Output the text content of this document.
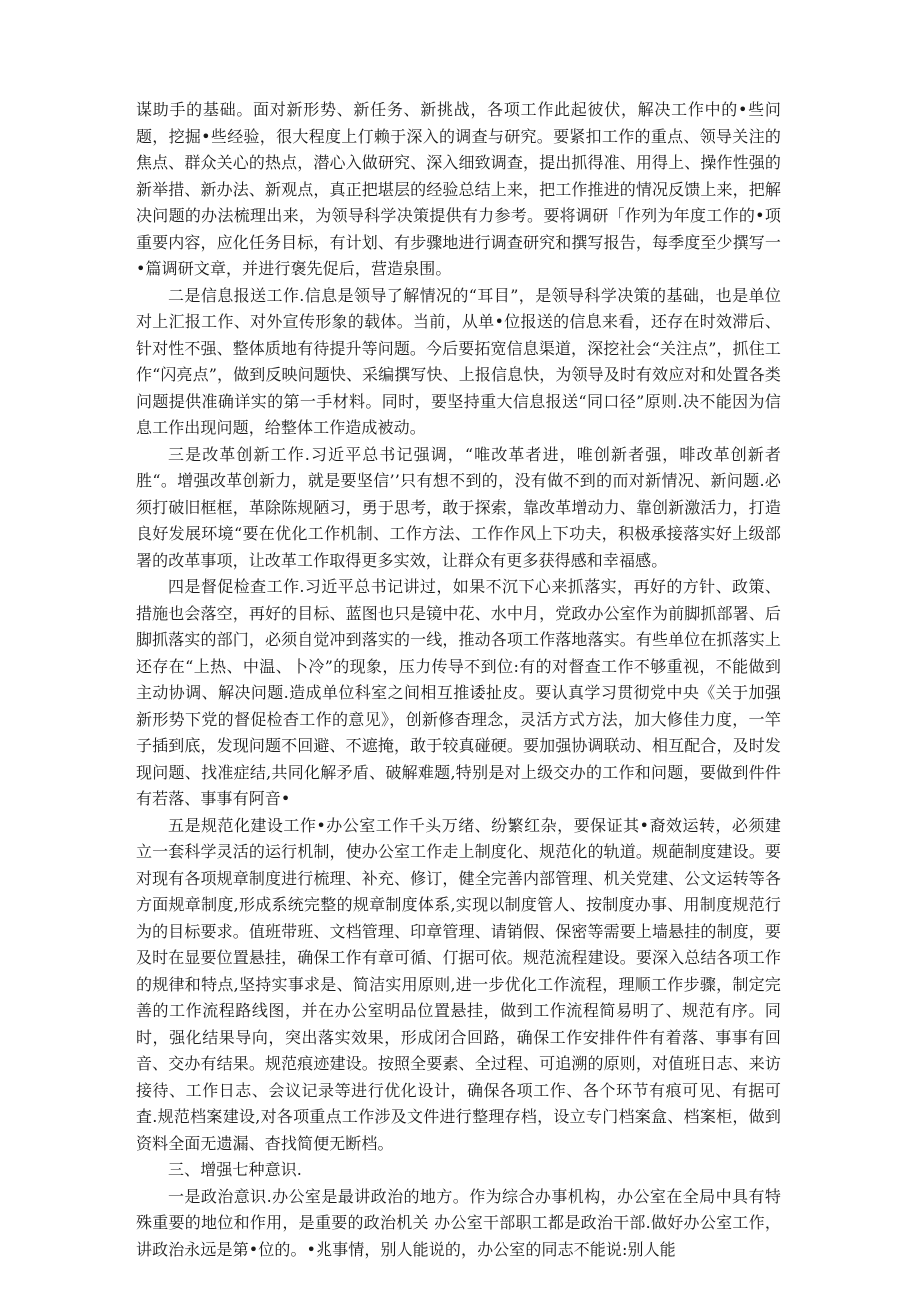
谋助手的基础。面对新形势、新任务、新挑战，各项工作此起彼伏，解决工作中的•些问题，挖掘•些经验，很大程度上仃赖于深入的调查与研究。要紧扣工作的重点、领导关注的焦点、群众关心的热点，潜心入做研究、深入细致调查，提出抓得准、用得上、操作性强的新举措、新办法、新观点，真正把堪层的经验总结上来，把工作推进的情况反馈上来，把解决问题的办法梳理出来，为领导科学决策提供有力参考。要将调研「作列为年度工作的•项重要内容，应化任务目标，有计划、有步骤地进行调查研究和撰写报告，每季度至少撰写一•篇调研文章，并进行褒先促后，营造泉围。

二是信息报送工作.信息是领导了解情况的“耳目”，是领导科学决策的基础，也是单位对上汇报工作、对外宣传形象的载体。当前，从单•位报送的信息来看，还存在时效滞后、针对性不强、整体质地有待提升等问题。今后要拓宽信息渠道，深挖社会“关注点”，抓住工作“闪亮点”，做到反映问题快、采编撰写快、上报信息快，为领导及时有效应对和处置各类问题提供准确详实的第一手材料。同时，要坚持重大信息报送“同口径”原则.决不能因为信息工作出现问题，给整体工作造成被动。

三是改革创新工作.习近平总书记强调，“唯改革者进，唯创新者强，啡改革创新者胜“。增强改革创新力，就是要坚信’’只有想不到的，没有做不到的而对新情况、新问题.必须打破旧框框，革除陈规陋习，勇于思考，敢于探索，靠改革增动力、靠创新激活力，打造良好发展环境“要在优化工作机制、工作方法、工作作风上下功夫，积极承接落实好上级部署的改革事项，让改革工作取得更多实效，让群众有更多获得感和幸福感。

四是督促检查工作.习近平总书记讲过，如果不沉下心来抓落实，再好的方针、政策、措施也会落空，再好的目标、蓝图也只是镜中花、水中月，党政办公室作为前脚抓部署、后脚抓落实的部门，必须自觉冲到落实的一线，推动各项工作落地落实。有些单位在抓落实上还存在“上热、中温、卜冷”的现象，压力传导不到位:有的对督查工作不够重视，不能做到主动协调、解决问题.造成单位科室之间相互推诿扯皮。要认真学习贯彻党中央《关于加强新形势下党的督促检杳工作的意见》，创新修杳理念，灵活方式方法，加大修佳力度，一竿子插到底，发现问题不回避、不遮掩，敢于较真碰硬。要加强协调联动、相互配合，及时发现问题、找准症结,共同化解矛盾、破解难题,特别是对上级交办的工作和问题，要做到件件有若落、事事有阿音•

五是规范化建设工作•办公室工作千头万绪、纷繁红杂，要保证其•裔效运转，必须建立一套科学灵活的运行机制，使办公室工作走上制度化、规范化的轨道。规葩制度建设。要对现有各项规章制度进行梳理、补充、修订，健全完善内部管理、机关党建、公文运转等各方面规章制度,形成系统完整的规章制度体系,实现以制度管人、按制度办事、用制度规范行为的目标要求。值班带班、文档管理、印章管理、请销假、保密等需要上墙悬挂的制度，要及时在显要位置悬挂，确保工作有章可循、仃据可依。规范流程建设。要深入总结各项工作的规律和特点,坚持实事求是、简洁实用原则,进一步优化工作流程，理顺工作步骤，制定完善的工作流程路线图，并在办公室明品位置悬挂，做到工作流程简易明了、规范有序。同时，强化结果导向，突出落实效果，形成闭合回路，确保工作安排件件有着落、事事有回音、交办有结果。规范痕迹建设。按照全要素、全过程、可追溯的原则，对值班日志、来访接待、工作日志、会议记录等进行优化设计，确保各项工作、各个环节有痕可见、有据可査.规范档案建设,对各项重点工作涉及文件进行整理存档，设立专门档案盒、档案柜，做到资料全面无遗漏、杳找简便无断档。

三、增强七种意识.

一是政治意识.办公室是最讲政治的地方。作为综合办事机构，办公室在全局中具有特殊重要的地位和作用，是重要的政治机关 办公室干部职工都是政治干部.做好办公室工作，讲政治永远是第•位的。•兆事情，别人能说的，办公室的同志不能说:别人能
